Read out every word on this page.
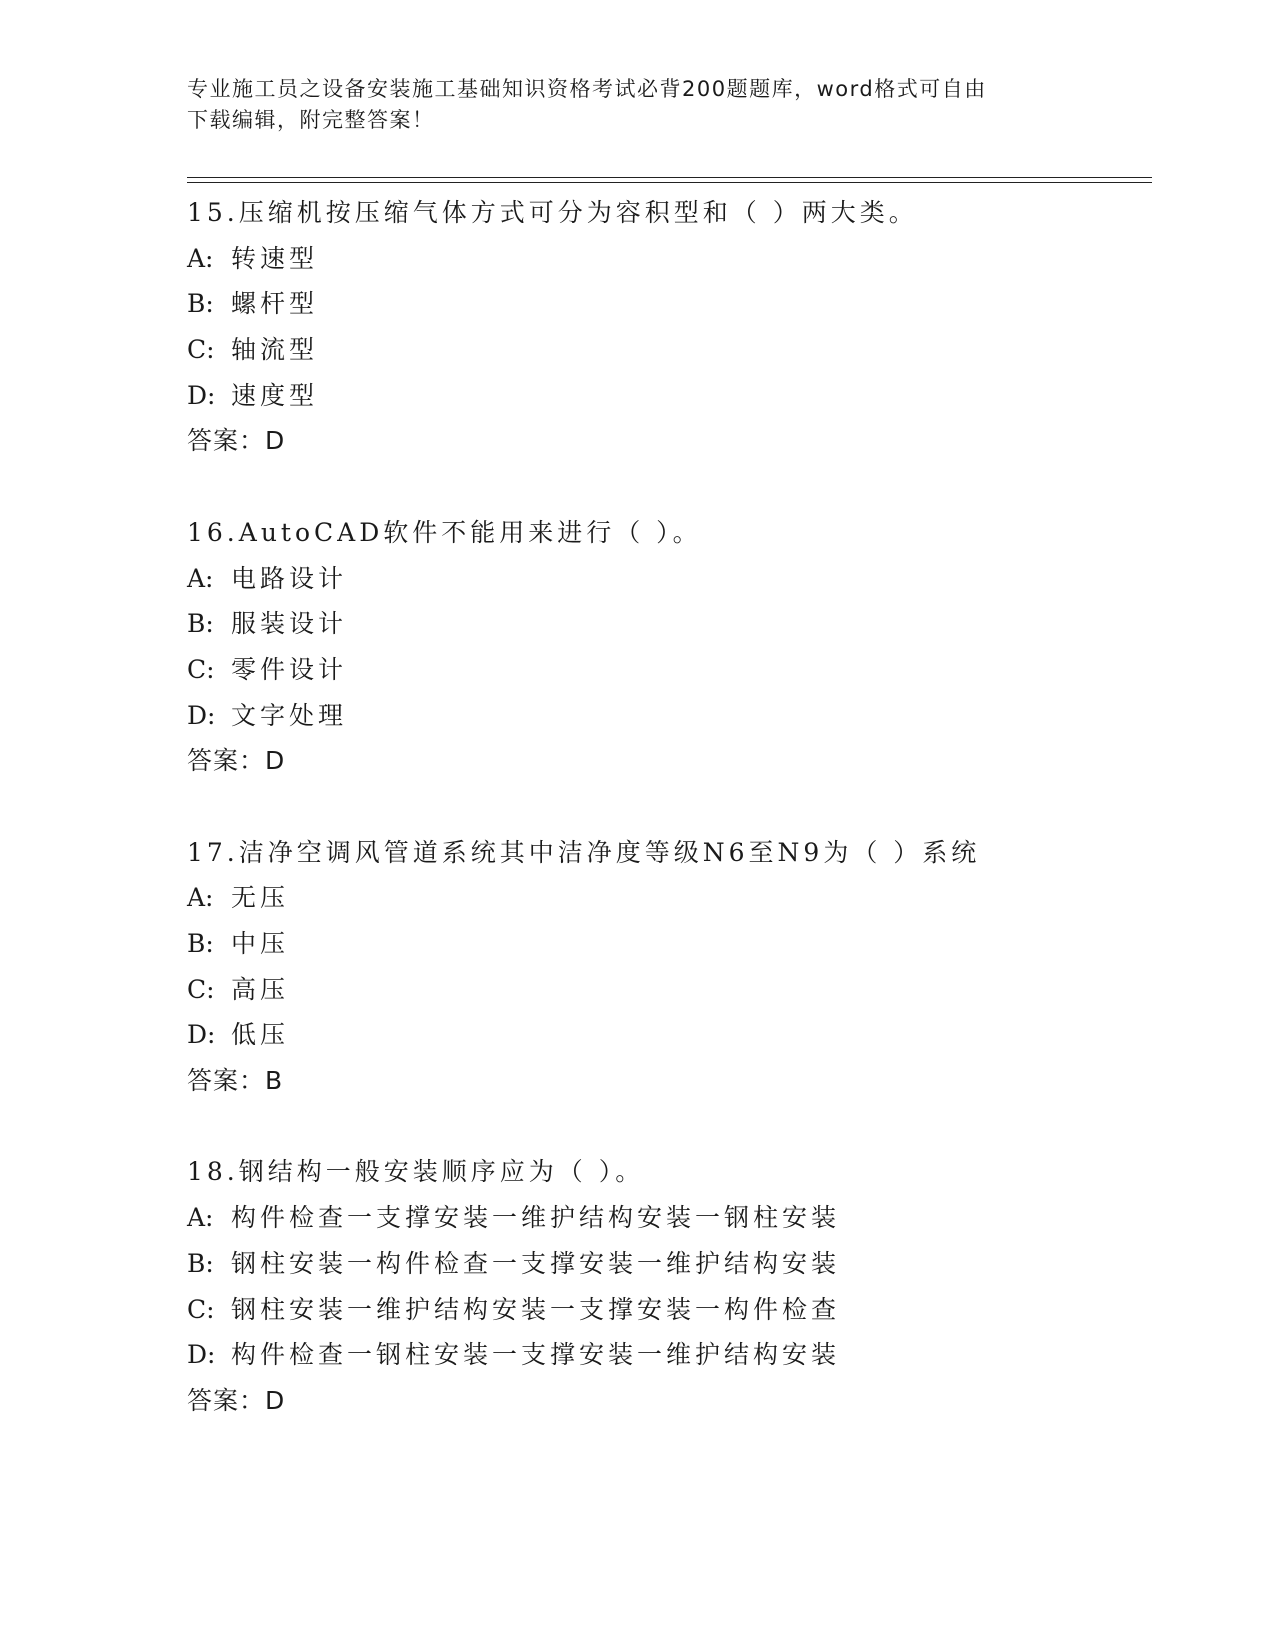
专业施工员之设备安装施工基础知识资格考试必背200题题库，word格式可自由
下载编辑，附完整答案！
15.压缩机按压缩气体方式可分为容积型和（ ）两大类。
A: 转速型
B: 螺杆型
C: 轴流型
D: 速度型
答案：D
16.AutoCAD软件不能用来进行（ ）。
A: 电路设计
B: 服装设计
C: 零件设计
D: 文字处理
答案：D
17.洁净空调风管道系统其中洁净度等级N6至N9为（ ）系统
A: 无压
B: 中压
C: 高压
D: 低压
答案：B
18.钢结构一般安装顺序应为（ ）。
A: 构件检查一支撑安装一维护结构安装一钢柱安装
B: 钢柱安装一构件检查一支撑安装一维护结构安装
C: 钢柱安装一维护结构安装一支撑安装一构件检查
D: 构件检查一钢柱安装一支撑安装一维护结构安装
答案：D
